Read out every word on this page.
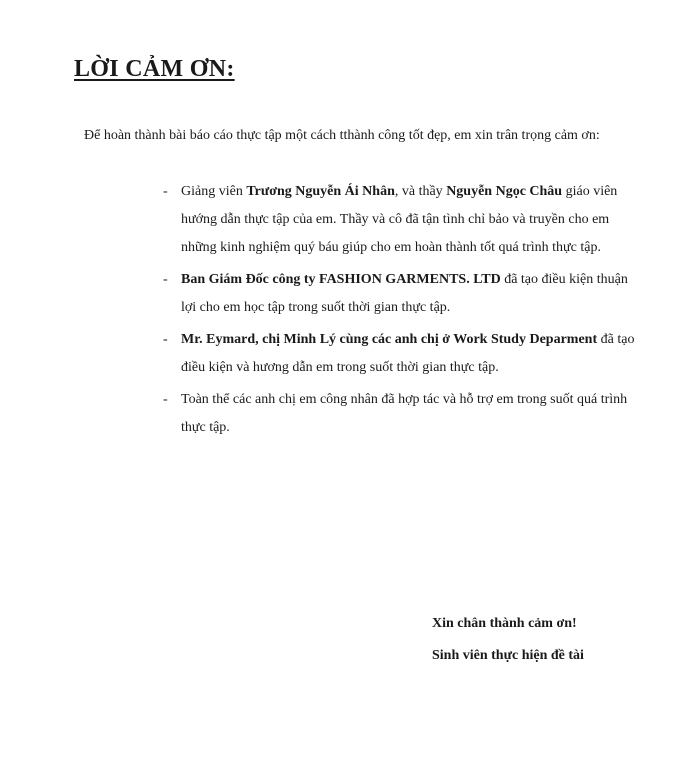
LỜI CẢM ƠN:
Để hoàn thành bài báo cáo thực tập một cách tthành công tốt đẹp, em xin trân trọng cảm ơn:
- Giảng viên Trương Nguyễn Ái Nhân, và thầy Nguyễn Ngọc Châu giáo viên hướng dẫn thực tập của em. Thầy và cô đã tận tình chỉ bảo và truyền cho em những kinh nghiệm quý báu giúp cho em hoàn thành tốt quá trình thực tập.
- Ban Giám Đốc công ty FASHION GARMENTS. LTD đã tạo điều kiện thuận lợi cho em học tập trong suốt thời gian thực tập.
- Mr. Eymard, chị Minh Lý cùng các anh chị ở Work Study Deparment đã tạo điều kiện và hương dẫn em trong suốt thời gian thực tập.
- Toàn thể các anh chị em công nhân đã hợp tác và hỗ trợ em trong suốt quá trình thực tập.
Xin chân thành cảm ơn!
Sinh viên thực hiện đề tài
